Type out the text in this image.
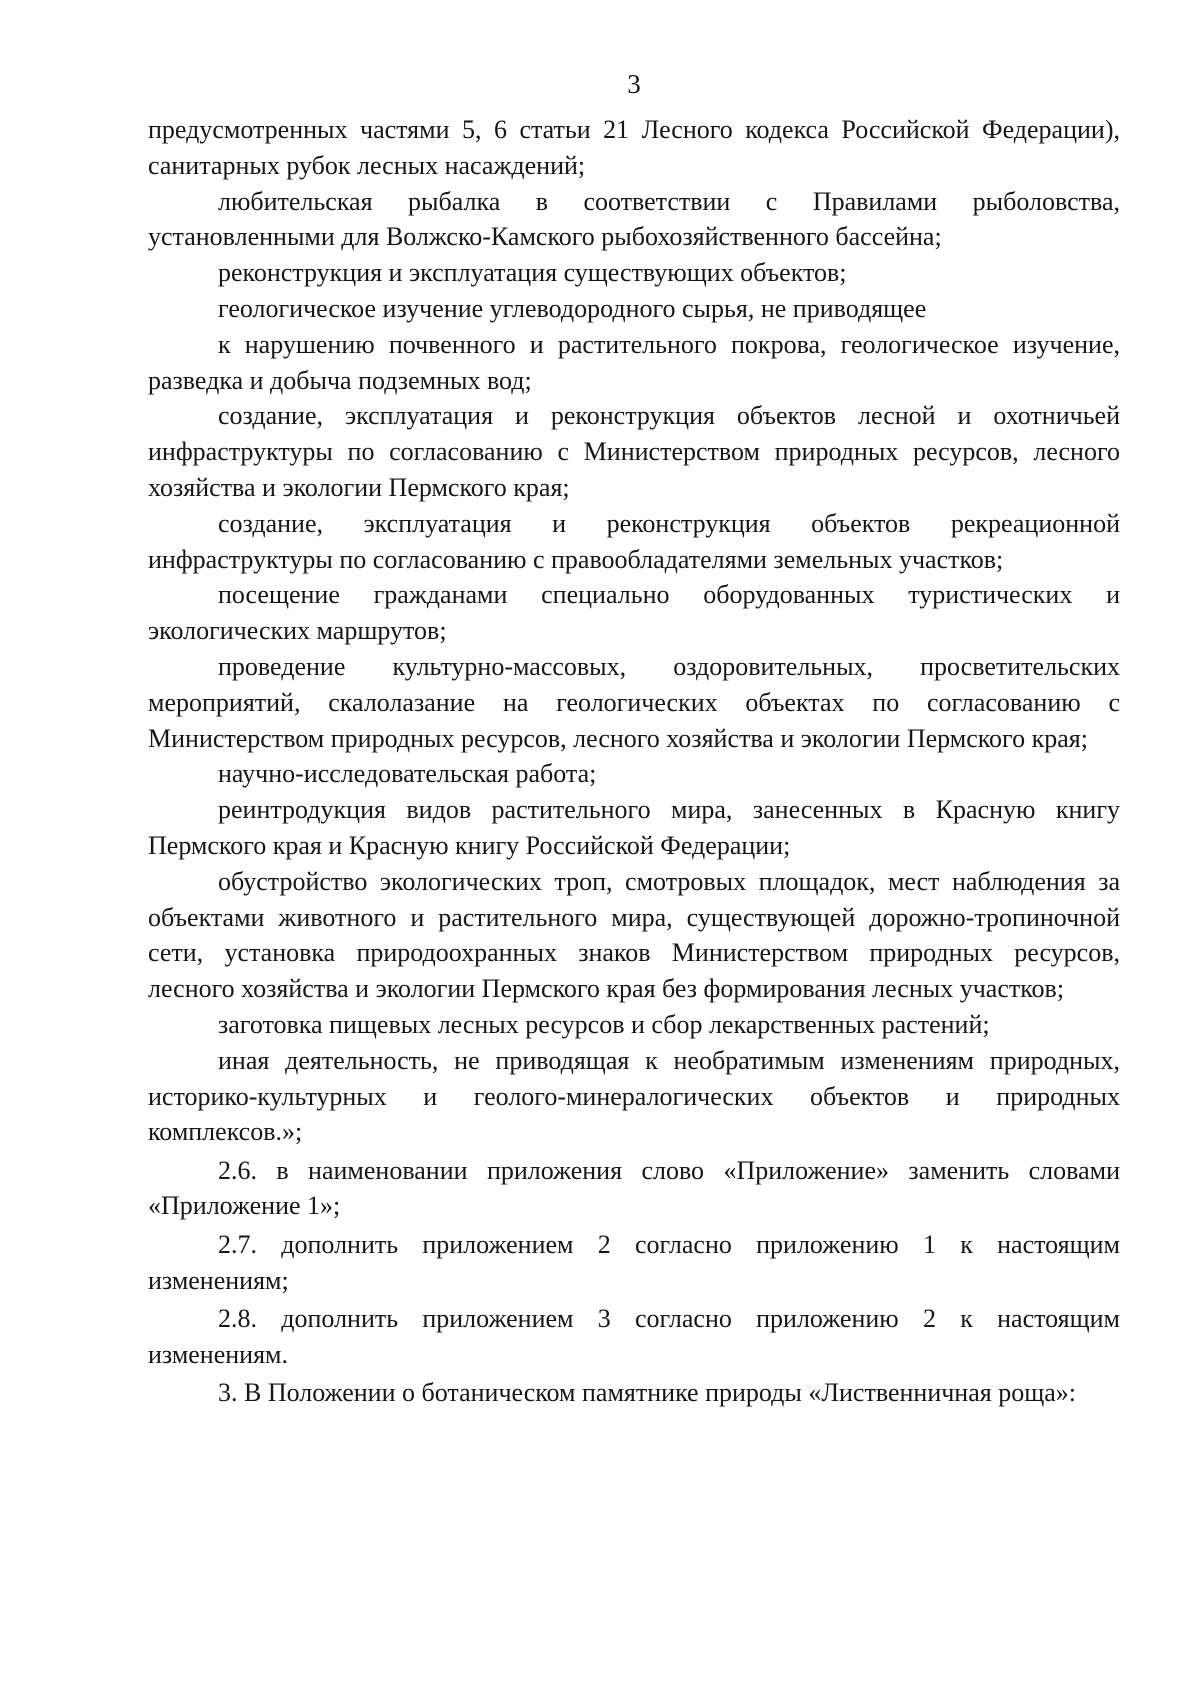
3

предусмотренных частями 5, 6 статьи 21 Лесного кодекса Российской Федерации), санитарных рубок лесных насаждений;

любительская рыбалка в соответствии с Правилами рыболовства, установленными для Волжско-Камского рыбохозяйственного бассейна;

реконструкция и эксплуатация существующих объектов;

геологическое изучение углеводородного сырья, не приводящее

к нарушению почвенного и растительного покрова, геологическое изучение, разведка и добыча подземных вод;

создание, эксплуатация и реконструкция объектов лесной и охотничьей инфраструктуры по согласованию с Министерством природных ресурсов, лесного хозяйства и экологии Пермского края;

создание, эксплуатация и реконструкция объектов рекреационной инфраструктуры по согласованию с правообладателями земельных участков;

посещение гражданами специально оборудованных туристических и экологических маршрутов;

проведение культурно-массовых, оздоровительных, просветительских мероприятий, скалолазание на геологических объектах по согласованию с Министерством природных ресурсов, лесного хозяйства и экологии Пермского края;

научно-исследовательская работа;

реинтродукция видов растительного мира, занесенных в Красную книгу Пермского края и Красную книгу Российской Федерации;

обустройство экологических троп, смотровых площадок, мест наблюдения за объектами животного и растительного мира, существующей дорожно-тропиночной сети, установка природоохранных знаков Министерством природных ресурсов, лесного хозяйства и экологии Пермского края без формирования лесных участков;

заготовка пищевых лесных ресурсов и сбор лекарственных растений;

иная деятельность, не приводящая к необратимым изменениям природных, историко-культурных и геолого-минералогических объектов и природных комплексов.»;

2.6. в наименовании приложения слово «Приложение» заменить словами «Приложение 1»;

2.7. дополнить приложением 2 согласно приложению 1 к настоящим изменениям;

2.8. дополнить приложением 3 согласно приложению 2 к настоящим изменениям.

3. В Положении о ботаническом памятнике природы «Лиственничная роща»:
